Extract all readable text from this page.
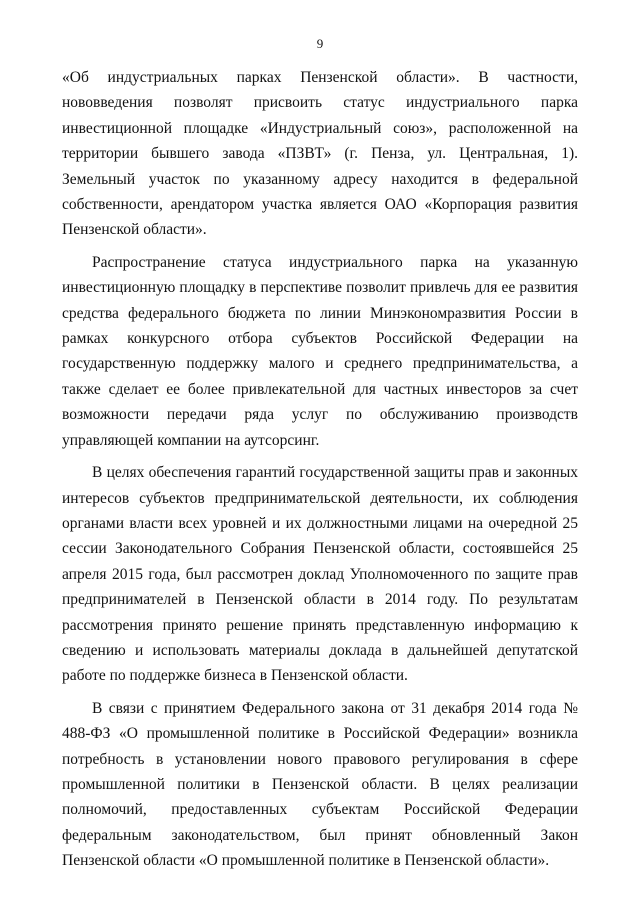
9

«Об индустриальных парках Пензенской области». В частности, нововведения позволят присвоить статус индустриального парка инвестиционной площадке «Индустриальный союз», расположенной на территории бывшего завода «ПЗВТ» (г. Пенза, ул. Центральная, 1). Земельный участок по указанному адресу находится в федеральной собственности, арендатором участка является ОАО «Корпорация развития Пензенской области».

Распространение статуса индустриального парка на указанную инвестиционную площадку в перспективе позволит привлечь для ее развития средства федерального бюджета по линии Минэкономразвития России в рамках конкурсного отбора субъектов Российской Федерации на государственную поддержку малого и среднего предпринимательства, а также сделает ее более привлекательной для частных инвесторов за счет возможности передачи ряда услуг по обслуживанию производств управляющей компании на аутсорсинг.

В целях обеспечения гарантий государственной защиты прав и законных интересов субъектов предпринимательской деятельности, их соблюдения органами власти всех уровней и их должностными лицами на очередной 25 сессии Законодательного Собрания Пензенской области, состоявшейся 25 апреля 2015 года, был рассмотрен доклад Уполномоченного по защите прав предпринимателей в Пензенской области в 2014 году. По результатам рассмотрения принято решение принять представленную информацию к сведению и использовать материалы доклада в дальнейшей депутатской работе по поддержке бизнеса в Пензенской области.

В связи с принятием Федерального закона от 31 декабря 2014 года № 488-ФЗ «О промышленной политике в Российской Федерации» возникла потребность в установлении нового правового регулирования в сфере промышленной политики в Пензенской области. В целях реализации полномочий, предоставленных субъектам Российской Федерации федеральным законодательством, был принят обновленный Закон Пензенской области «О промышленной политике в Пензенской области».
